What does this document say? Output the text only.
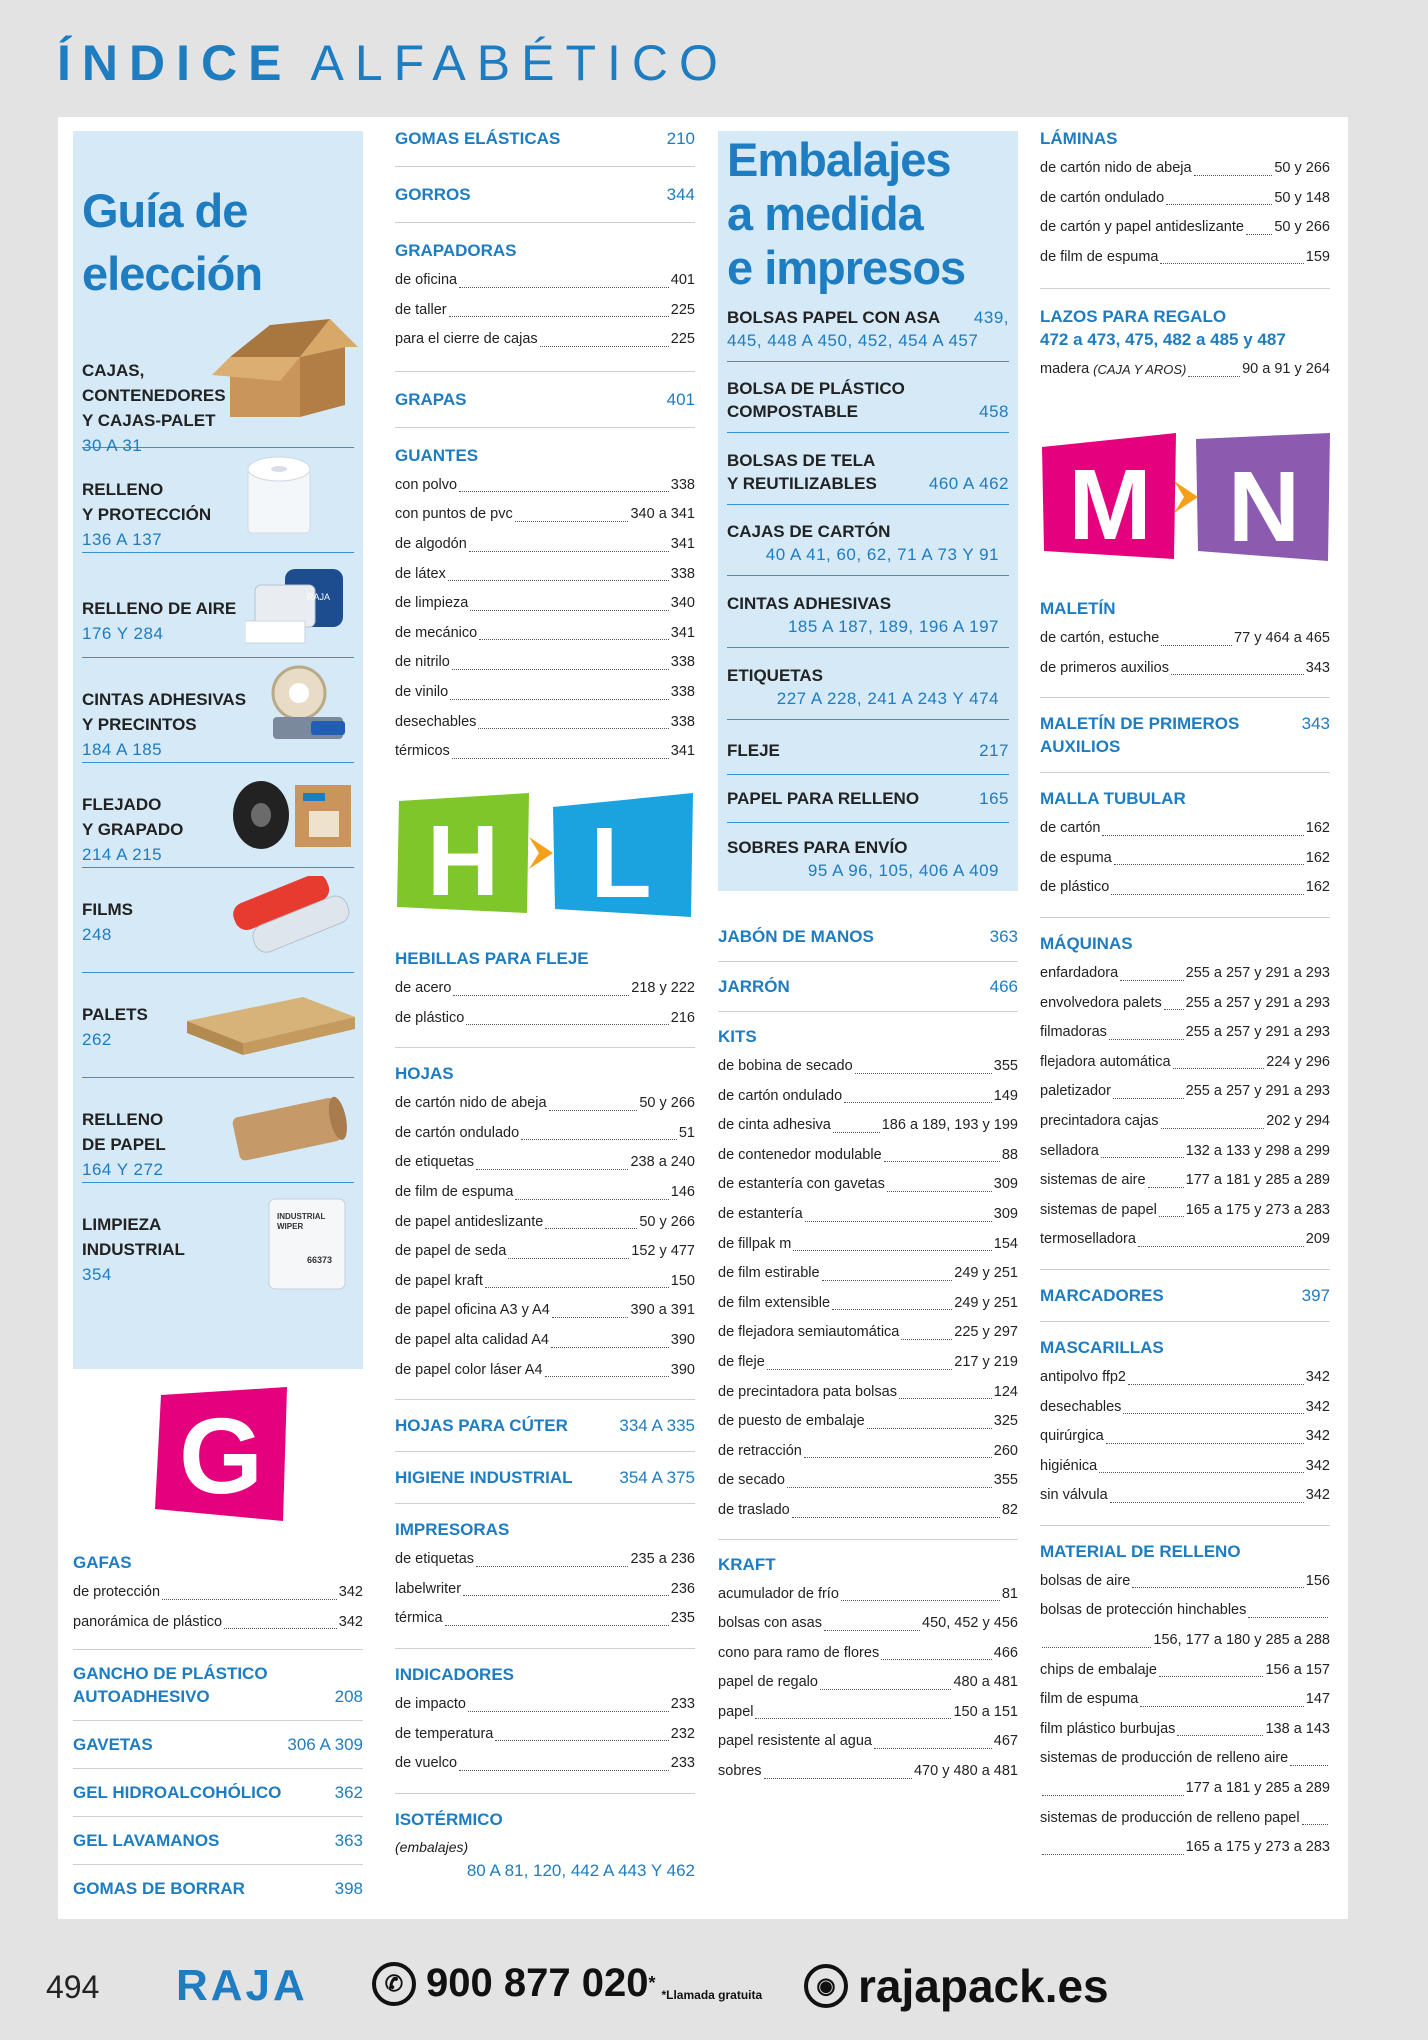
ÍNDICE ALFABÉTICO
Guía de
elección
CAJAS,
CONTENEDORES
Y CAJAS-PALET
30 A 31
RELLENO
Y PROTECCIÓN
136 A 137
RELLENO DE AIRE
176 Y 284
RAJA
CINTAS ADHESIVAS
Y PRECINTOS
184 A 185
FLEJADO
Y GRAPADO
214 A 215
FILMS
248
PALETS
262
RELLENO
DE PAPEL
164 Y 272
LIMPIEZA
INDUSTRIAL
354
INDUSTRIAL
WIPER
66373
G
GAFAS
de protección	342
panorámica de plástico	342
GANCHO DE PLÁSTICO
AUTOADHESIVO	208
GAVETAS	306 A 309
GEL HIDROALCOHÓLICO	362
GEL LAVAMANOS	363
GOMAS DE BORRAR	398
GOMAS ELÁSTICAS	210
GORROS	344
GRAPADORAS
de oficina	401
de taller	225
para el cierre de cajas	225
GRAPAS	401
GUANTES
con polvo	338
con puntos de pvc	340 a 341
de algodón	341
de látex	338
de limpieza	340
de mecánico	341
de nitrilo	338
de vinilo	338
desechables	338
térmicos	341
H L
Embalajes
a medida
e impresos
BOLSAS PAPEL CON ASA 439,
445, 448 A 450, 452, 454 A 457
BOLSA DE PLÁSTICO
COMPOSTABLE	458
BOLSAS DE TELA
Y REUTILIZABLES	460 A 462
CAJAS DE CARTÓN
40 A 41, 60, 62, 71 A 73 Y 91
CINTAS ADHESIVAS
185 A 187, 189, 196 A 197
ETIQUETAS
227 A 228, 241 A 243 Y 474
FLEJE	217
PAPEL PARA RELLENO	165
SOBRES PARA ENVÍO
95 A 96, 105, 406 A 409
JABÓN DE MANOS	363
JARRÓN	466
KITS
de bobina de secado	355
de cartón ondulado	149
de cinta adhesiva	186 a 189, 193 y 199
de contenedor modulable	88
de estantería con gavetas	309
de estantería	309
de fillpak m	154
de film estirable	249 y 251
de film extensible	249 y 251
de flejadora semiautomática	225 y 297
de fleje	217 y 219
de precintadora pata bolsas	124
de puesto de embalaje	325
de retracción	260
de secado	355
de traslado	82
KRAFT
acumulador de frío	81
bolsas con asas	450, 452 y 456
cono para ramo de flores	466
papel de regalo	480 a 481
papel	150 a 151
papel resistente al agua	467
sobres	470 y 480 a 481
LÁMINAS
de cartón nido de abeja	50 y 266
de cartón ondulado	50 y 148
de cartón y papel antideslizante 50 y 266
de film de espuma	159
LAZOS PARA REGALO
472 a 473, 475, 482 a 485 y 487
madera (CAJA Y AROS)	90 a 91 y 264
M N
MALETÍN
de cartón, estuche	77 y 464 a 465
de primeros auxilios	343
MALETÍN DE PRIMEROS AUXILIOS
343
MALLA TUBULAR
de cartón	162
de espuma	162
de plástico	162
MÁQUINAS
enfardadora	255 a 257 y 291 a 293
envolvedora palets 255 a 257 y 291 a 293
filmadoras	255 a 257 y 291 a 293
flejadora automática	224 y 296
paletizador	255 a 257 y 291 a 293
precintadora cajas	202 y 294
selladora	132 a 133 y 298 a 299
sistemas de aire	177 a 181 y 285 a 289
sistemas de papel 165 a 175 y 273 a 283
termoselladora	209
MARCADORES	397
MASCARILLAS
antipolvo ffp2	342
desechables	342
quirúrgica	342
higiénica	342
sin válvula	342
MATERIAL DE RELLENO
bolsas de aire	156
bolsas de protección hinchables
156, 177 a 180 y 285 a 288
chips de embalaje	156 a 157
film de espuma	147
film plástico burbujas	138 a 143
sistemas de producción de relleno aire
177 a 181 y 285 a 289
sistemas de producción de relleno papel
165 a 175 y 273 a 283
HEBILLAS PARA FLEJE
de acero	218 y 222
de plástico	216
HOJAS
de cartón nido de abeja	50 y 266
de cartón ondulado	51
de etiquetas	238 a 240
de film de espuma	146
de papel antideslizante	50 y 266
de papel de seda	152 y 477
de papel kraft	150
de papel oficina A3 y A4	390 a 391
de papel alta calidad A4	390
de papel color láser A4	390
HOJAS PARA CÚTER	334 A 335
HIGIENE INDUSTRIAL	354 A 375
IMPRESORAS
de etiquetas	235 a 236
labelwriter	236
térmica	235
INDICADORES
de impacto	233
de temperatura	232
de vuelco	233
ISOTÉRMICO
(embalajes)
80 A 81, 120, 442 A 443 Y 462
494 RAJA	✆ 900 877 020 *
*Llamada gratuita	◉ rajapack.es
